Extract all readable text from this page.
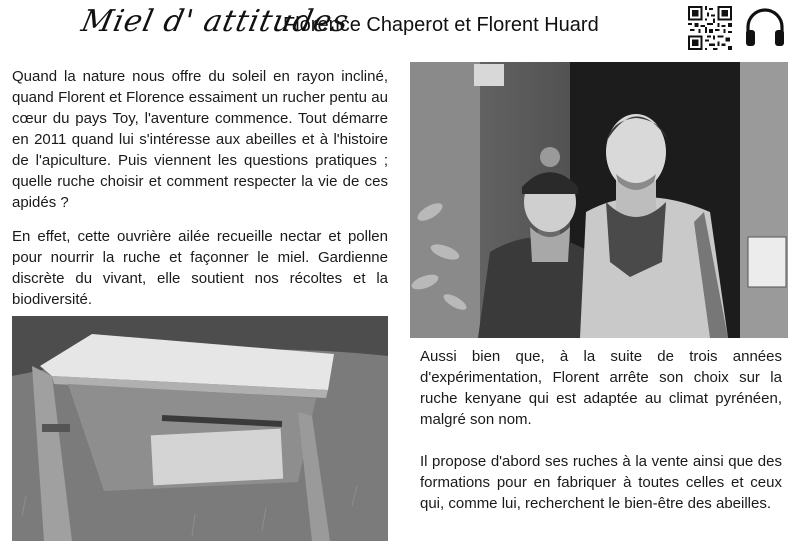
Miel d' attitudes
Florence Chaperot et Florent Huard

Quand la nature nous offre du soleil en rayon incliné, quand Florent et Florence essaiment un rucher pentu au cœur du pays Toy, l'aventure commence. Tout démarre en 2011 quand lui s'intéresse aux abeilles et à l'histoire de l'apiculture. Puis viennent les questions pratiques ; quelle ruche choisir et comment respecter la vie de ces apidés ?

En effet, cette ouvrière ailée recueille nectar et pollen pour nourrir la ruche et façonner le miel. Gardienne discrète du vivant, elle soutient nos récoltes et la biodiversité.

Aussi bien que, à la suite de trois années d'expérimentation, Florent arrête son choix sur la ruche kenyane qui est adaptée au climat pyrénéen, malgré son nom.

Il propose d'abord ses ruches à la vente ainsi que des formations pour en fabriquer à toutes celles et ceux qui, comme lui, recherchent le bien-être des abeilles.
